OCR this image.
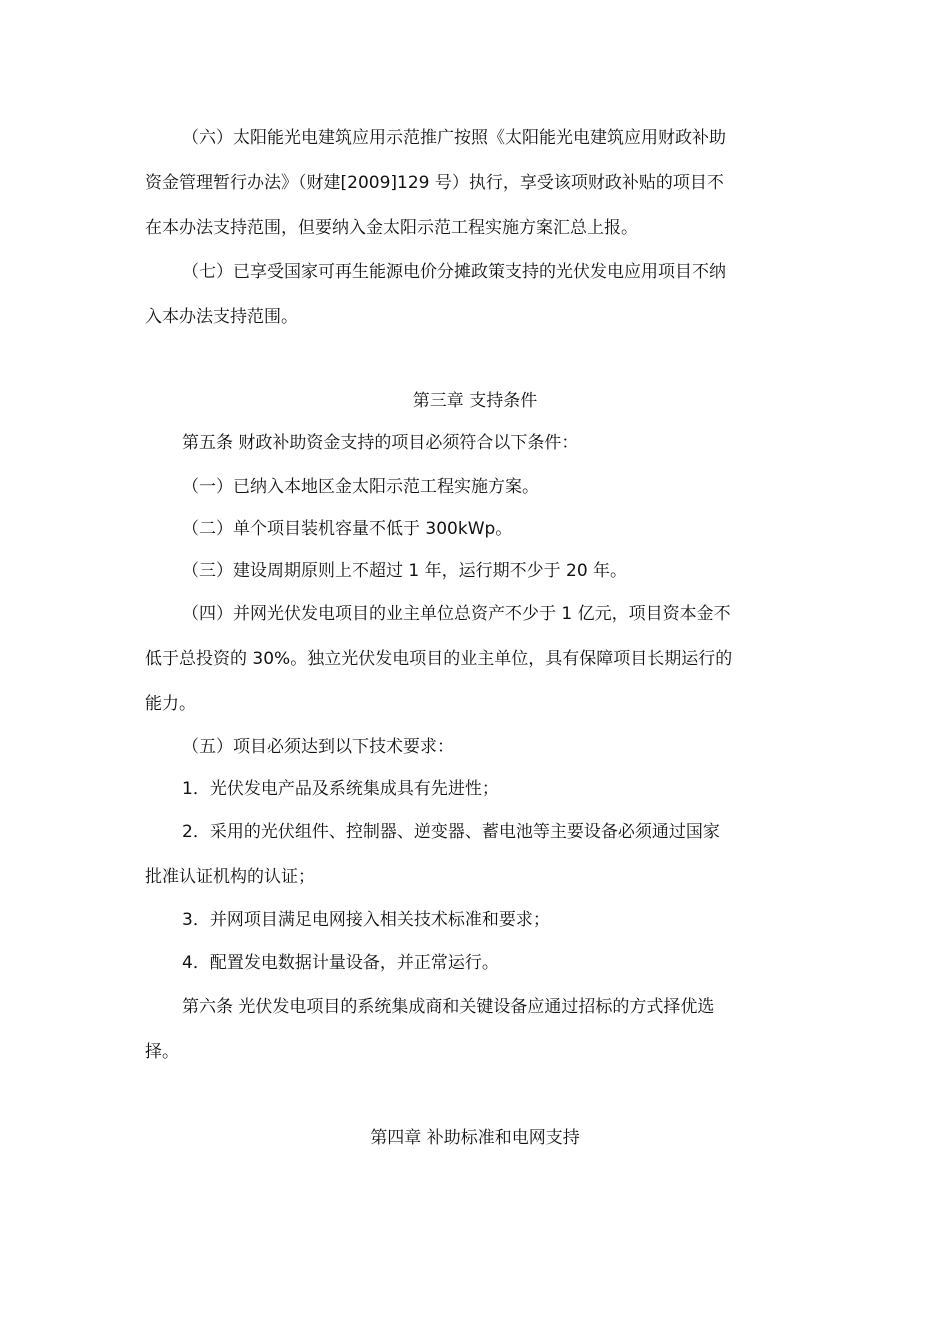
（六）太阳能光电建筑应用示范推广按照《太阳能光电建筑应用财政补助
资金管理暂行办法》（财建[2009]129 号）执行，享受该项财政补贴的项目不
在本办法支持范围，但要纳入金太阳示范工程实施方案汇总上报。
（七）已享受国家可再生能源电价分摊政策支持的光伏发电应用项目不纳
入本办法支持范围。
第三章 支持条件
第五条 财政补助资金支持的项目必须符合以下条件：
（一）已纳入本地区金太阳示范工程实施方案。
（二）单个项目装机容量不低于 300kWp。
（三）建设周期原则上不超过 1 年，运行期不少于 20 年。
（四）并网光伏发电项目的业主单位总资产不少于 1 亿元，项目资本金不
低于总投资的 30%。独立光伏发电项目的业主单位，具有保障项目长期运行的
能力。
（五）项目必须达到以下技术要求：
1．光伏发电产品及系统集成具有先进性；
2．采用的光伏组件、控制器、逆变器、蓄电池等主要设备必须通过国家
批准认证机构的认证；
3．并网项目满足电网接入相关技术标准和要求；
4．配置发电数据计量设备，并正常运行。
第六条 光伏发电项目的系统集成商和关键设备应通过招标的方式择优选
择。
第四章 补助标准和电网支持
